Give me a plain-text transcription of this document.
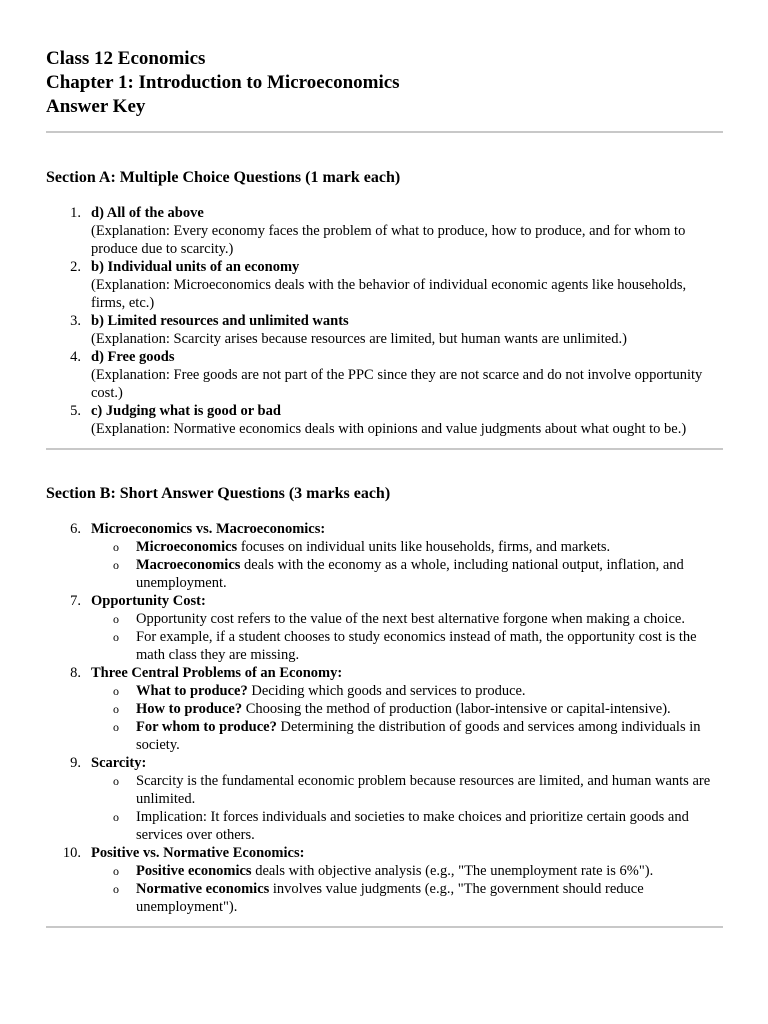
Class 12 Economics
Chapter 1: Introduction to Microeconomics
Answer Key
Section A: Multiple Choice Questions (1 mark each)
1. d) All of the above
(Explanation: Every economy faces the problem of what to produce, how to produce, and for whom to produce due to scarcity.)
2. b) Individual units of an economy
(Explanation: Microeconomics deals with the behavior of individual economic agents like households, firms, etc.)
3. b) Limited resources and unlimited wants
(Explanation: Scarcity arises because resources are limited, but human wants are unlimited.)
4. d) Free goods
(Explanation: Free goods are not part of the PPC since they are not scarce and do not involve opportunity cost.)
5. c) Judging what is good or bad
(Explanation: Normative economics deals with opinions and value judgments about what ought to be.)
Section B: Short Answer Questions (3 marks each)
6. Microeconomics vs. Macroeconomics:
o Microeconomics focuses on individual units like households, firms, and markets.
o Macroeconomics deals with the economy as a whole, including national output, inflation, and unemployment.
7. Opportunity Cost:
o Opportunity cost refers to the value of the next best alternative forgone when making a choice.
o For example, if a student chooses to study economics instead of math, the opportunity cost is the math class they are missing.
8. Three Central Problems of an Economy:
o What to produce? Deciding which goods and services to produce.
o How to produce? Choosing the method of production (labor-intensive or capital-intensive).
o For whom to produce? Determining the distribution of goods and services among individuals in society.
9. Scarcity:
o Scarcity is the fundamental economic problem because resources are limited, and human wants are unlimited.
o Implication: It forces individuals and societies to make choices and prioritize certain goods and services over others.
10. Positive vs. Normative Economics:
o Positive economics deals with objective analysis (e.g., "The unemployment rate is 6%").
o Normative economics involves value judgments (e.g., "The government should reduce unemployment").
